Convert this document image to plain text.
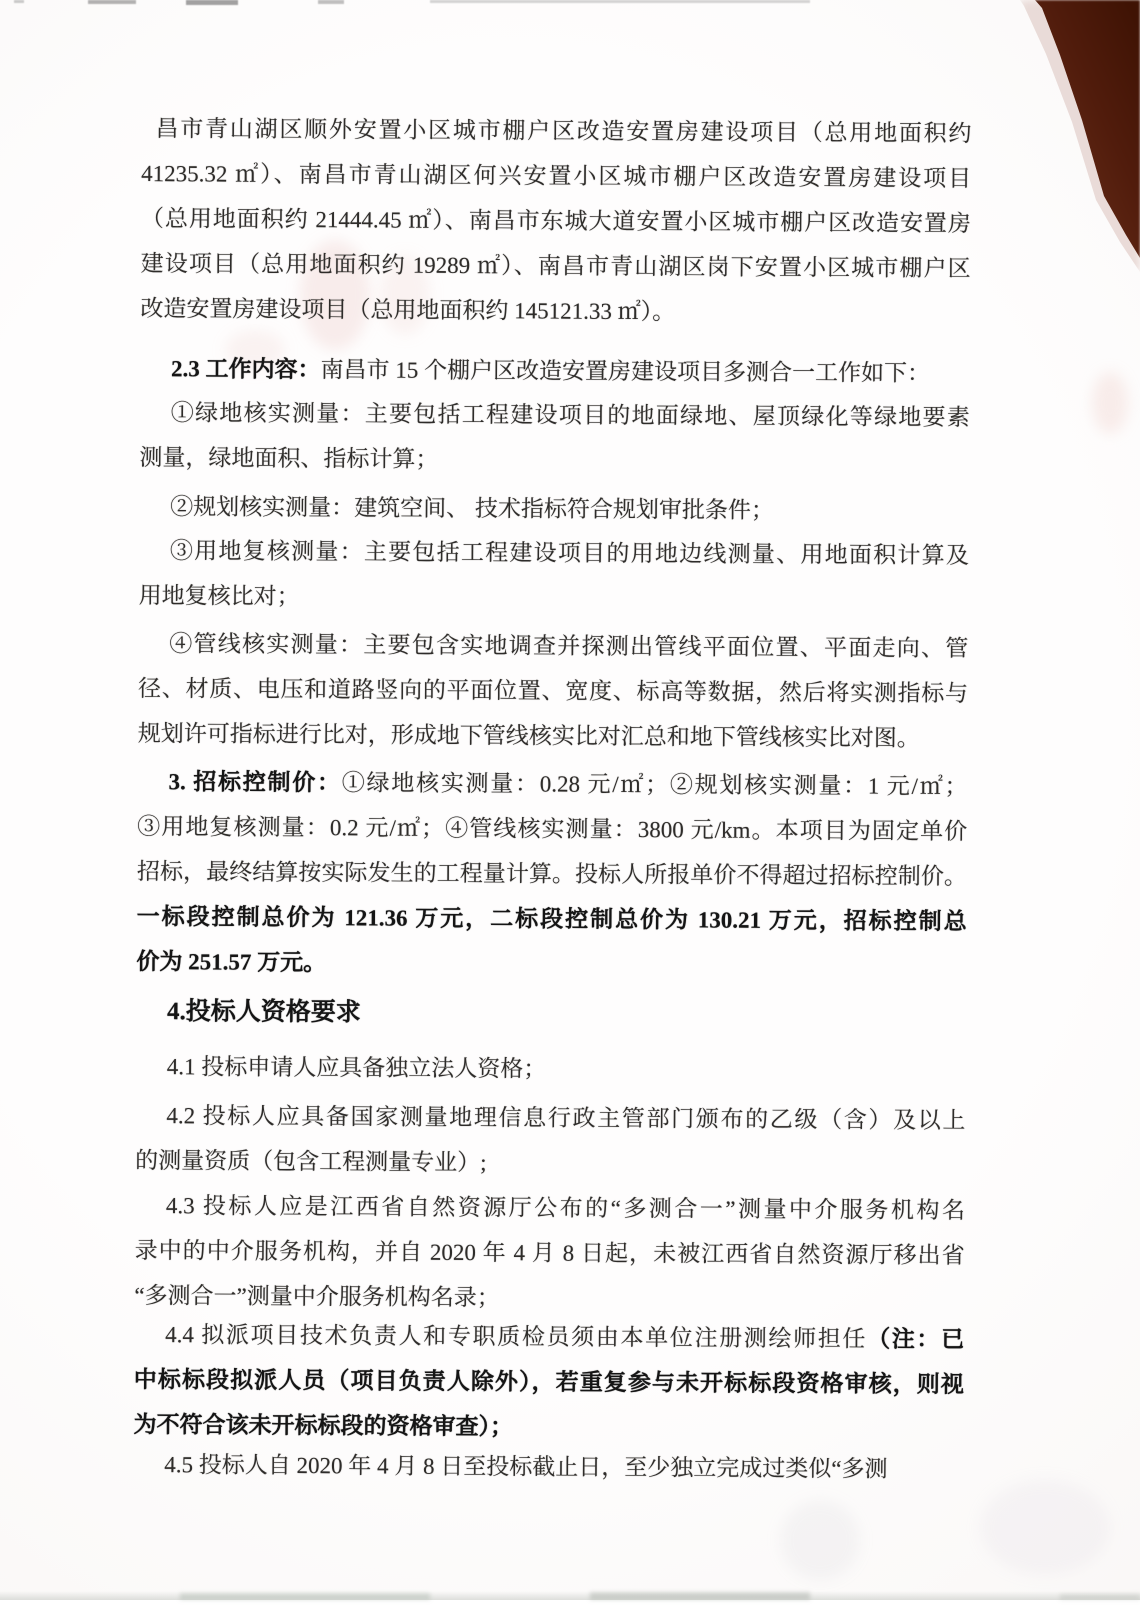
昌市青山湖区顺外安置小区城市棚户区改造安置房建设项目（总用地面积约
41235.32 ㎡）、南昌市青山湖区何兴安置小区城市棚户区改造安置房建设项目
（总用地面积约 21444.45 ㎡）、南昌市东城大道安置小区城市棚户区改造安置房
建设项目（总用地面积约 19289 ㎡）、南昌市青山湖区岗下安置小区城市棚户区
改造安置房建设项目（总用地面积约 145121.33 ㎡）。
2.3 工作内容：南昌市 15 个棚户区改造安置房建设项目多测合一工作如下：
①绿地核实测量：主要包括工程建设项目的地面绿地、屋顶绿化等绿地要素
测量，绿地面积、指标计算；
②规划核实测量：建筑空间、 技术指标符合规划审批条件；
③用地复核测量：主要包括工程建设项目的用地边线测量、用地面积计算及
用地复核比对；
④管线核实测量：主要包含实地调查并探测出管线平面位置、平面走向、管
径、材质、电压和道路竖向的平面位置、宽度、标高等数据，然后将实测指标与
规划许可指标进行比对，形成地下管线核实比对汇总和地下管线核实比对图。
3. 招标控制价：①绿地核实测量：0.28 元/㎡；②规划核实测量：1 元/㎡；
③用地复核测量：0.2 元/㎡；④管线核实测量：3800 元/km。本项目为固定单价
招标，最终结算按实际发生的工程量计算。投标人所报单价不得超过招标控制价。
一标段控制总价为 121.36 万元，二标段控制总价为 130.21 万元，招标控制总
价为 251.57 万元。
4.投标人资格要求
4.1 投标申请人应具备独立法人资格；
4.2 投标人应具备国家测量地理信息行政主管部门颁布的乙级（含）及以上
的测量资质（包含工程测量专业）;
4.3 投标人应是江西省自然资源厅公布的“多测合一”测量中介服务机构名
录中的中介服务机构，并自 2020 年 4 月 8 日起，未被江西省自然资源厅移出省
“多测合一”测量中介服务机构名录；
4.4 拟派项目技术负责人和专职质检员须由本单位注册测绘师担任（注：已
中标标段拟派人员（项目负责人除外），若重复参与未开标标段资格审核，则视
为不符合该未开标标段的资格审查）；
4.5 投标人自 2020 年 4 月 8 日至投标截止日，至少独立完成过类似“多测
